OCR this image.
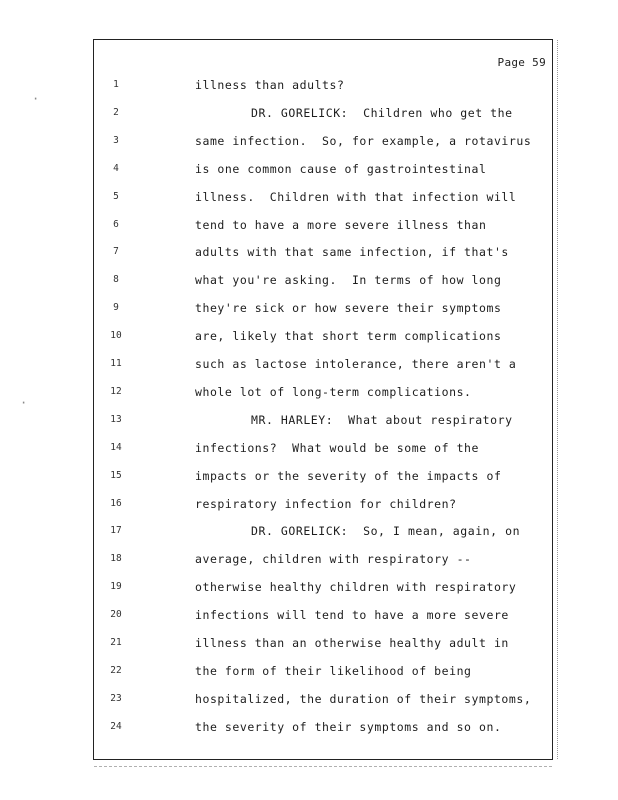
Page 59
1	illness than adults?
2	DR. GORELICK:  Children who get the
3	same infection.  So, for example, a rotavirus
4	is one common cause of gastrointestinal
5	illness.  Children with that infection will
6	tend to have a more severe illness than
7	adults with that same infection, if that's
8	what you're asking.  In terms of how long
9	they're sick or how severe their symptoms
10	are, likely that short term complications
11	such as lactose intolerance, there aren't a
12	whole lot of long-term complications.
13	MR. HARLEY:  What about respiratory
14	infections?  What would be some of the
15	impacts or the severity of the impacts of
16	respiratory infection for children?
17	DR. GORELICK:  So, I mean, again, on
18	average, children with respiratory --
19	otherwise healthy children with respiratory
20	infections will tend to have a more severe
21	illness than an otherwise healthy adult in
22	the form of their likelihood of being
23	hospitalized, the duration of their symptoms,
24	the severity of their symptoms and so on.
·
·
